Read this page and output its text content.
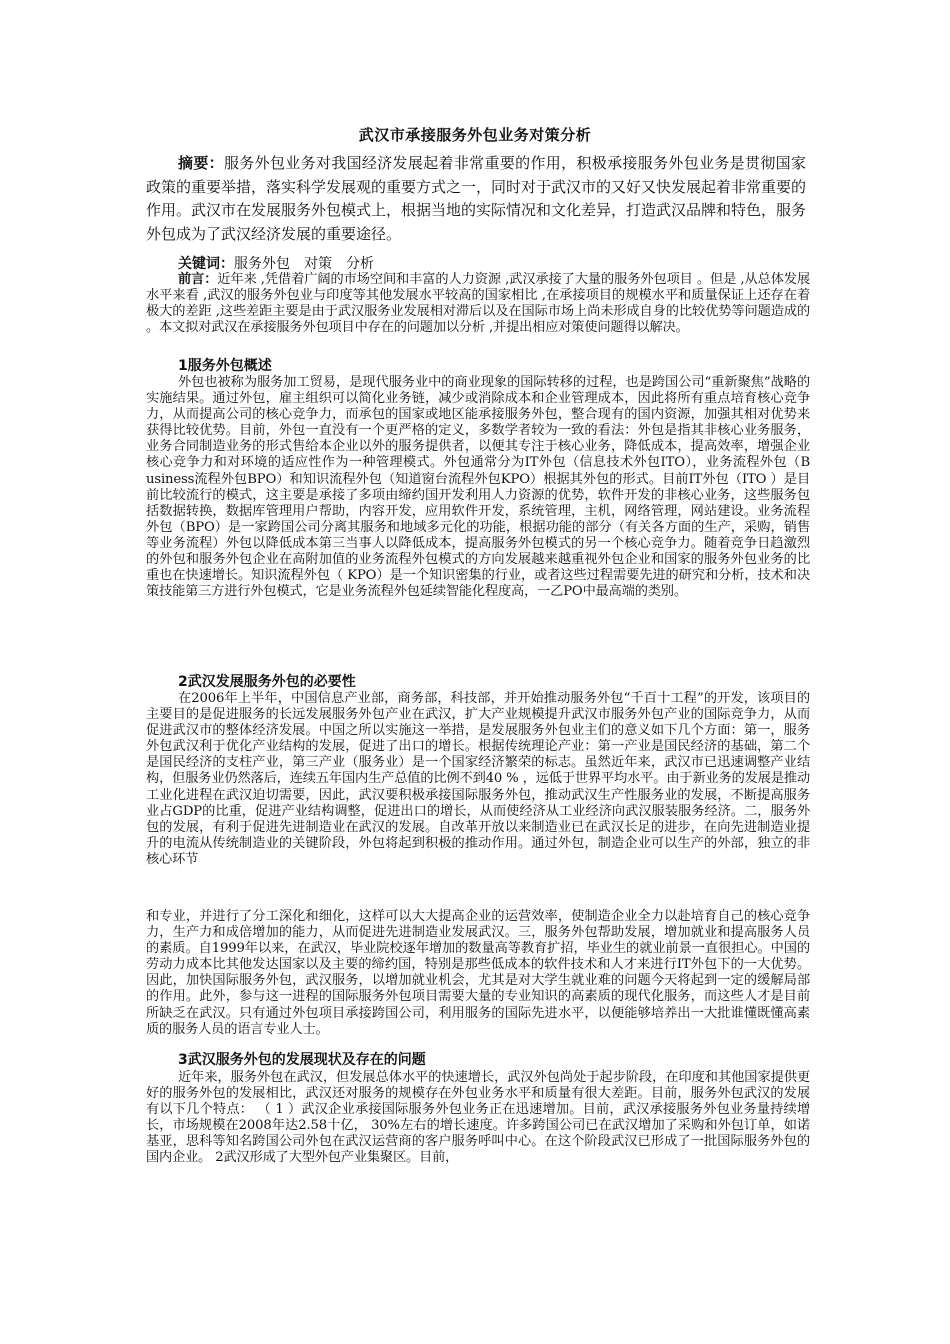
武汉市承接服务外包业务对策分析

摘要：服务外包业务对我国经济发展起着非常重要的作用，积极承接服务外包业务是贯彻国家政策的重要举措，落实科学发展观的重要方式之一，同时对于武汉市的又好又快发展起着非常重要的作用。武汉市在发展服务外包模式上，根据当地的实际情况和文化差异，打造武汉品牌和特色，服务外包成为了武汉经济发展的重要途径。

关键词：服务外包　对策　分析

前言：近年来 ,凭借着广阔的市场空间和丰富的人力资源 ,武汉承接了大量的服务外包项目 。但是 ,从总体发展水平来看 ,武汉的服务外包业与印度等其他发展水平较高的国家相比 ,在承接项目的规模水平和质量保证上还存在着极大的差距 ,这些差距主要是由于武汉服务业发展相对滞后以及在国际市场上尚未形成自身的比较优势等问题造成的 。本文拟对武汉在承接服务外包项目中存在的问题加以分析 ,并提出相应对策使问题得以解决。

1服务外包概述

外包也被称为服务加工贸易，是现代服务业中的商业现象的国际转移的过程，也是跨国公司“重新聚焦”战略的实施结果。通过外包，雇主组织可以简化业务链，减少或消除成本和企业管理成本，因此将所有重点培育核心竞争力，从而提高公司的核心竞争力，而承包的国家或地区能承接服务外包，整合现有的国内资源，加强其相对优势来获得比较优势。目前，外包一直没有一个更严格的定义，多数学者较为一致的看法：外包是指其非核心业务服务，业务合同制造业务的形式售给本企业以外的服务提供者，以便其专注于核心业务，降低成本，提高效率，增强企业核心竞争力和对环境的适应性作为一种管理模式。外包通常分为IT外包（信息技术外包ITO），业务流程外包（B usiness流程外包BPO）和知识流程外包（知道窗台流程外包KPO）根据其外包的形式。目前IT外包（ITO ）是目前比较流行的模式，这主要是承接了多项由缔约国开发利用人力资源的优势，软件开发的非核心业务，这些服务包括数据转换，数据库管理用户帮助，内容开发，应用软件开发，系统管理，主机，网络管理，网站建设。业务流程外包（BPO）是一家跨国公司分离其服务和地域多元化的功能，根据功能的部分（有关各方面的生产，采购，销售等业务流程）外包以降低成本第三当事人以降低成本，提高服务外包模式的另一个核心竞争力。随着竞争日趋激烈的外包和服务外包企业在高附加值的业务流程外包模式的方向发展越来越重视外包企业和国家的服务外包业务的比重也在快速增长。知识流程外包（ KPO）是一个知识密集的行业，或者这些过程需要先进的研究和分析，技术和决策技能第三方进行外包模式，它是业务流程外包延续智能化程度高，一乙PO中最高端的类别。

2武汉发展服务外包的必要性

在2006年上半年，中国信息产业部，商务部，科技部，并开始推动服务外包“千百十工程”的开发，该项目的主要目的是促进服务的长远发展服务外包产业在武汉，扩大产业规模提升武汉市服务外包产业的国际竞争力，从而促进武汉市的整体经济发展。中国之所以实施这一举措，是发展服务外包业主们的意义如下几个方面：第一，服务外包武汉利于优化产业结构的发展，促进了出口的增长。根据传统理论产业：第一产业是国民经济的基础，第二个是国民经济的支柱产业，第三产业（服务业）是一个国家经济繁荣的标志。虽然近年来，武汉市已迅速调整产业结构，但服务业仍然落后，连续五年国内生产总值的比例不到40 % ，远低于世界平均水平。由于新业务的发展是推动工业化进程在武汉迫切需要，因此，武汉要积极承接国际服务外包，推动武汉生产性服务业的发展，不断提高服务业占GDP的比重，促进产业结构调整，促进出口的增长，从而使经济从工业经济向武汉服装服务经济。二，服务外包的发展，有利于促进先进制造业在武汉的发展。自改革开放以来制造业已在武汉长足的进步，在向先进制造业提升的电流从传统制造业的关键阶段，外包将起到积极的推动作用。通过外包，制造企业可以生产的外部，独立的非核心环节

和专业，并进行了分工深化和细化，这样可以大大提高企业的运营效率，使制造企业全力以赴培育自己的核心竞争力，生产力和成倍增加的能力，从而促进先进制造业发展武汉。三，服务外包帮助发展，增加就业和提高服务人员的素质。自1999年以来，在武汉，毕业院校逐年增加的数量高等教育扩招，毕业生的就业前景一直很担心。中国的劳动力成本比其他发达国家以及主要的缔约国，特别是那些低成本的软件技术和人才来进行IT外包下的一大优势。因此，加快国际服务外包，武汉服务，以增加就业机会，尤其是对大学生就业难的问题今天将起到一定的缓解局部的作用。此外，参与这一进程的国际服务外包项目需要大量的专业知识的高素质的现代化服务，而这些人才是目前所缺乏在武汉。只有通过外包项目承接跨国公司，利用服务的国际先进水平，以便能够培养出一大批谁懂既懂高素质的服务人员的语言专业人士。

3武汉服务外包的发展现状及存在的问题

近年来，服务外包在武汉，但发展总体水平的快速增长，武汉外包尚处于起步阶段，在印度和其他国家提供更好的服务外包的发展相比，武汉还对服务的规模存在外包业务水平和质量有很大差距。目前，服务外包武汉的发展有以下几个特点： （ 1 ）武汉企业承接国际服务外包业务正在迅速增加。目前，武汉承接服务外包业务量持续增长，市场规模在2008年达2.58十亿， 30%左右的增长速度。许多跨国公司已在武汉增加了采购和外包订单，如诺基亚，思科等知名跨国公司外包在武汉运营商的客户服务呼叫中心。在这个阶段武汉已形成了一批国际服务外包的国内企业。 2武汉形成了大型外包产业集聚区。目前，
